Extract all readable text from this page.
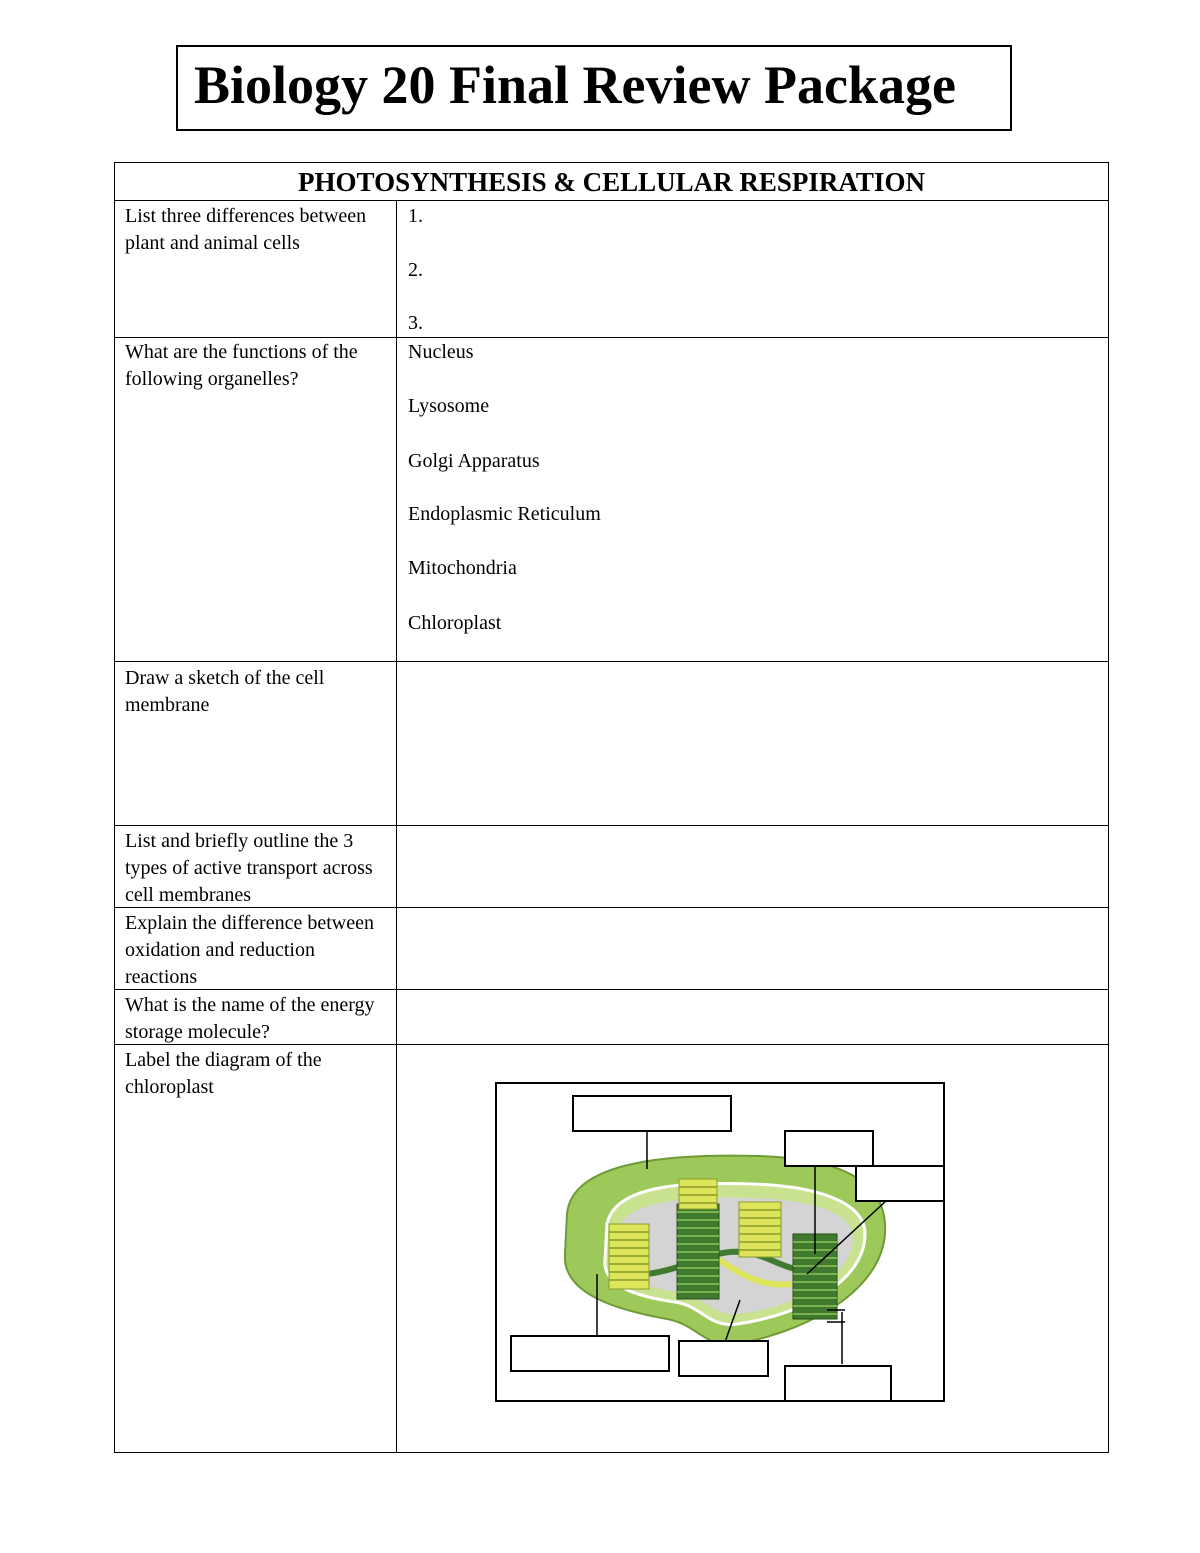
Biology 20 Final Review Package
PHOTOSYNTHESIS & CELLULAR RESPIRATION
List three differences between plant and animal cells
1.
2.
3.
What are the functions of the following organelles?
Nucleus
Lysosome
Golgi Apparatus
Endoplasmic Reticulum
Mitochondria
Chloroplast
Draw a sketch of the cell membrane
List and briefly outline the 3 types of active transport across cell membranes
Explain the difference between oxidation and reduction reactions
What is the name of the energy storage molecule?
Label the diagram of the chloroplast
